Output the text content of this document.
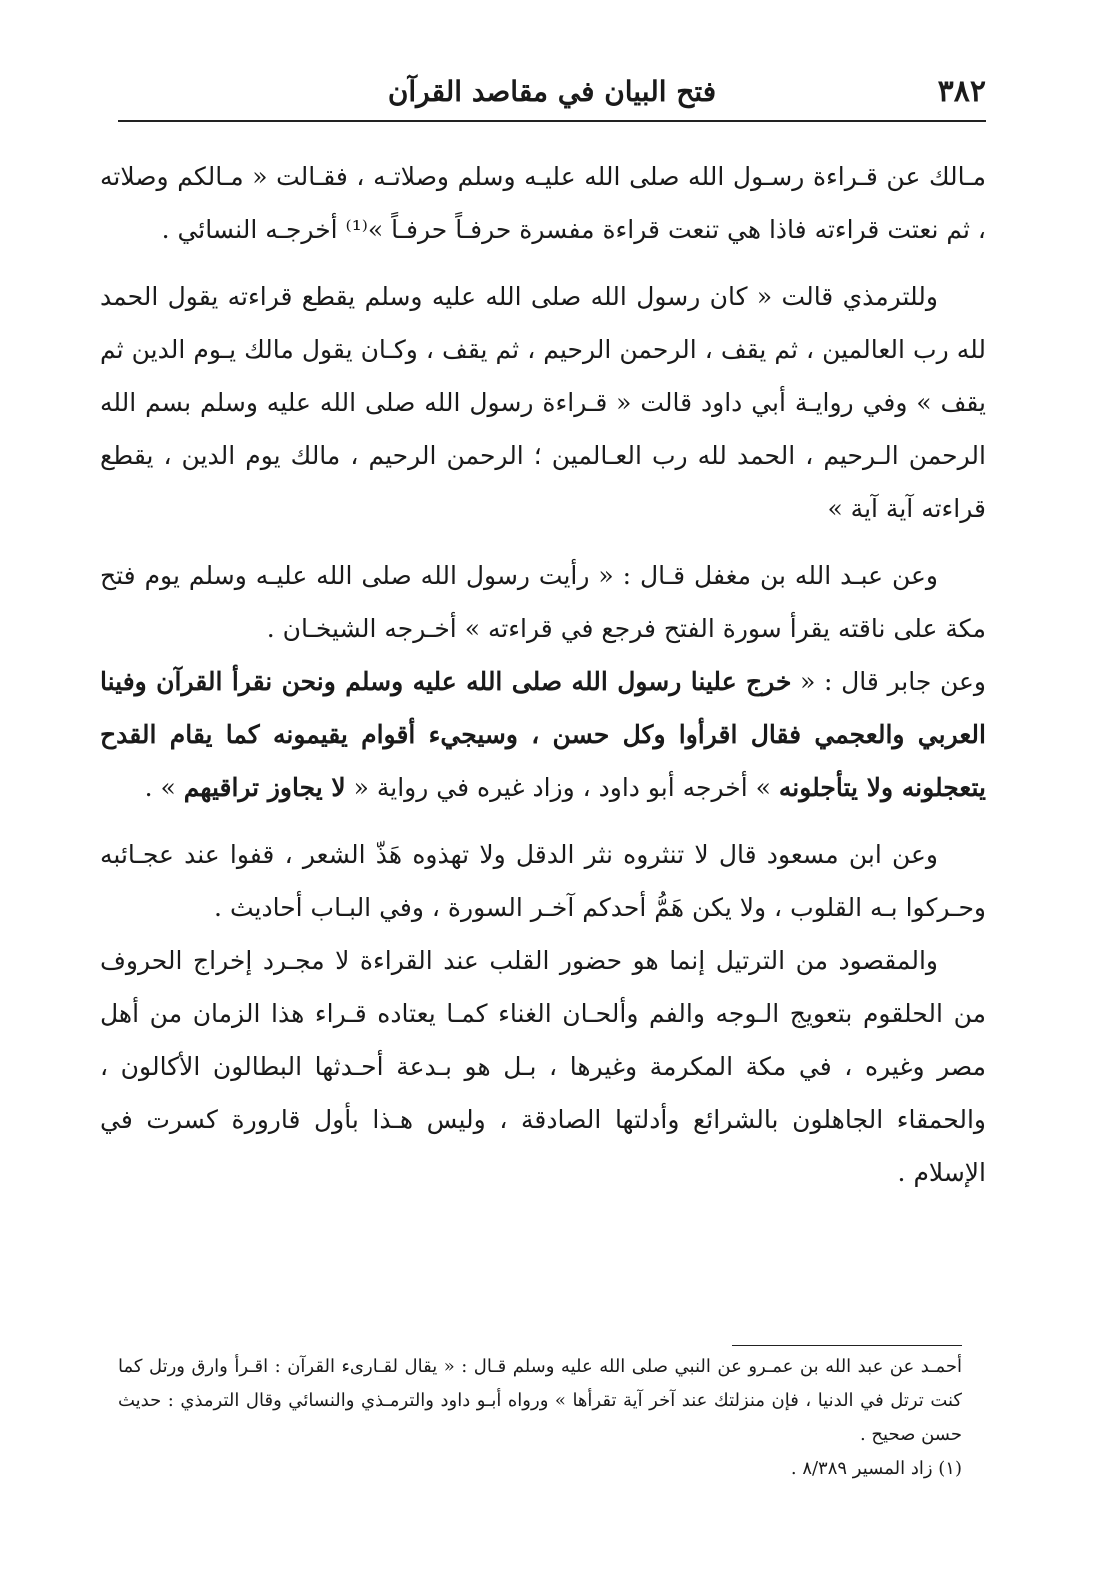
٣٨٢
فتح البيان في مقاصد القرآن

مـالك عن قـراءة رسـول الله صلى الله عليـه وسلم وصلاتـه ، فقـالت « مـالكم وصلاته ، ثم نعتت قراءته فاذا هي تنعت قراءة مفسرة حرفـاً حرفـاً »⁽¹⁾ أخرجـه النسائي .

وللترمذي قالت « كان رسول الله صلى الله عليه وسلم يقطع قراءته يقول الحمد لله رب العالمين ، ثم يقف ، الرحمن الرحيم ، ثم يقف ، وكـان يقول مالك يـوم الدين ثم يقف » وفي روايـة أبي داود قالت « قـراءة رسول الله صلى الله عليه وسلم بسم الله الرحمن الـرحيم ، الحمد لله رب العـالمين ؛ الرحمن الرحيم ، مالك يوم الدين ، يقطع قراءته آية آية »

وعن عبـد الله بن مغفل قـال : « رأيت رسول الله صلى الله عليـه وسلم يوم فتح مكة على ناقته يقرأ سورة الفتح فرجع في قراءته » أخـرجه الشيخـان .

وعن جابر قال : « خرج علينا رسول الله صلى الله عليه وسلم ونحن نقرأ القرآن وفينا العربي والعجمي فقال اقرأوا وكل حسن ، وسيجيء أقوام يقيمونه كما يقام القدح يتعجلونه ولا يتأجلونه » أخرجه أبو داود ، وزاد غيره في رواية « لا يجاوز تراقيهم » .

وعن ابن مسعود قال لا تنثروه نثر الدقل ولا تهذوه هَذّ الشعر ، قفوا عند عجـائبه وحـركوا بـه القلوب ، ولا يكن هَمُّ أحدكم آخـر السورة ، وفي البـاب أحاديث .

والمقصود من الترتيل إنما هو حضور القلب عند القراءة لا مجـرد إخراج الحروف من الحلقوم بتعويج الـوجه والفم وألحـان الغناء كمـا يعتاده قـراء هذا الزمان من أهل مصر وغيره ، في مكة المكرمة وغيرها ، بـل هو بـدعة أحـدثها البطالون الأكالون ، والحمقاء الجاهلون بالشرائع وأدلتها الصادقة ، وليس هـذا بأول قارورة كسرت في الإسلام .

أحمـد عن عبد الله بن عمـرو عن النبي صلى الله عليه وسلم قـال : « يقال لقـارىء القرآن : اقـرأ وارق ورتل كما كنت ترتل في الدنيا ، فإن منزلتك عند آخر آية تقرأها » ورواه أبـو داود والترمـذي والنسائي وقال الترمذي : حديث حسن صحيح .

(١) زاد المسير ٨/٣٨٩ .
